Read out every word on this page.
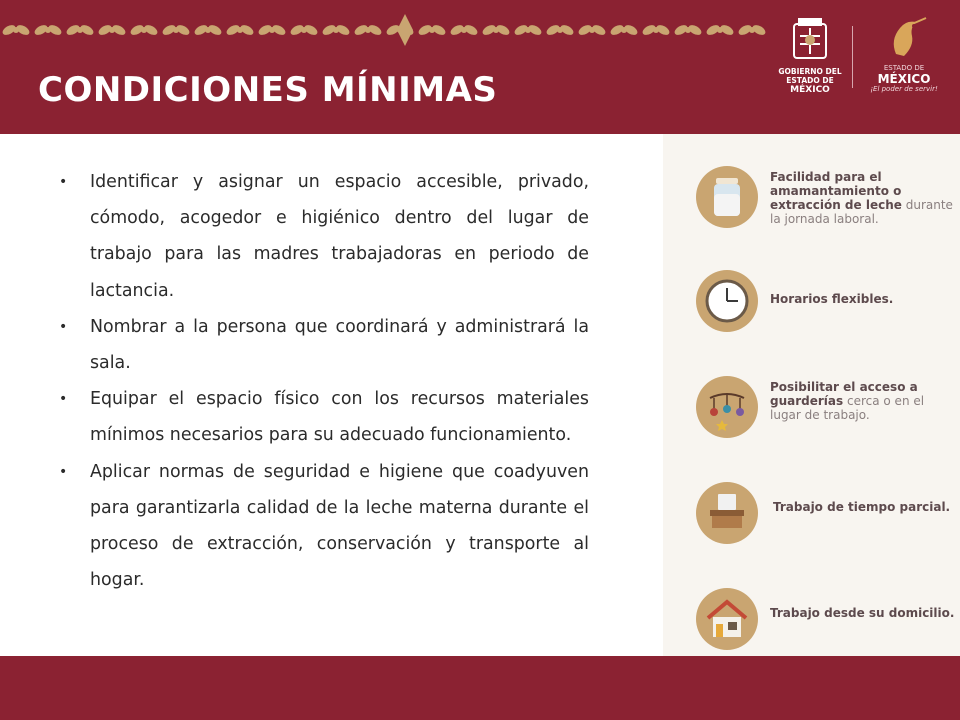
CONDICIONES MÍNIMAS	GOBIERNO DEL
ESTADO DE
MÉXICO
ESTADO DE
MÉXICO
¡El poder de servir!
• Identificar y asignar un espacio accesible, privado, cómodo, acogedor e higiénico dentro del lugar de trabajo para las madres trabajadoras en periodo de lactancia.
• Nombrar a la persona que coordinará y administrará la sala.
• Equipar el espacio físico con los recursos materiales mínimos necesarios para su adecuado funcionamiento.
• Aplicar normas de seguridad e higiene que coadyuven para garantizarla calidad de la leche materna durante el proceso de extracción, conservación y transporte al hogar.
Facilidad para el amamantamiento o extracción de leche durante la jornada laboral.
Horarios flexibles.
Posibilitar el acceso a guarderías cerca o en el lugar de trabajo.
Trabajo de tiempo parcial.
Trabajo desde su domicilio.
